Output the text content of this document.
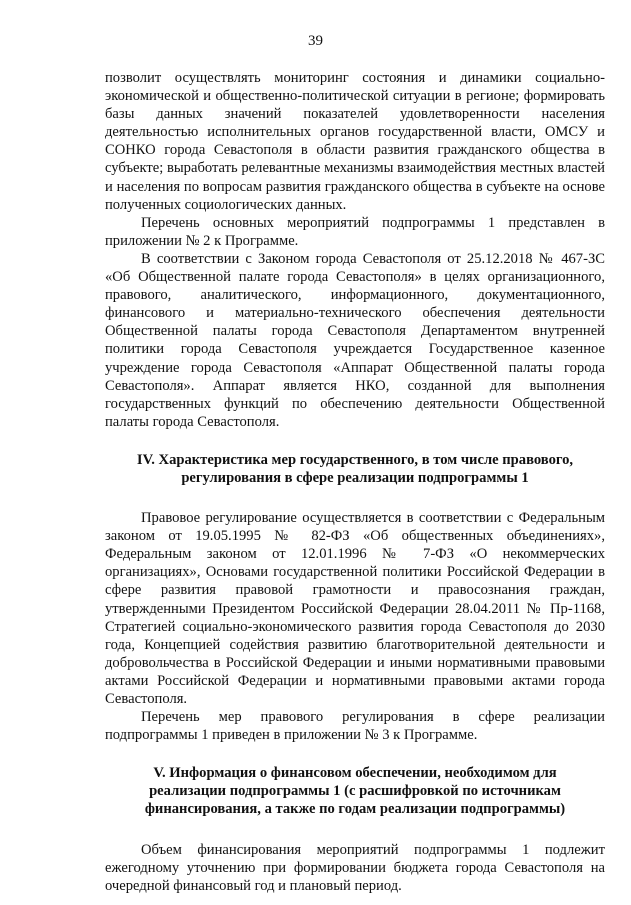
39

позволит осуществлять мониторинг состояния и динамики социально-экономической и общественно-политической ситуации в регионе; формировать базы данных значений показателей удовлетворенности населения деятельностью исполнительных органов государственной власти, ОМСУ и СОНКО города Севастополя в области развития гражданского общества в субъекте; выработать релевантные механизмы взаимодействия местных властей и населения по вопросам развития гражданского общества в субъекте на основе полученных социологических данных.

Перечень основных мероприятий подпрограммы 1 представлен в приложении № 2 к Программе.

В соответствии с Законом города Севастополя от 25.12.2018 № 467-ЗС «Об Общественной палате города Севастополя» в целях организационного, правового, аналитического, информационного, документационного, финансового и материально-технического обеспечения деятельности Общественной палаты города Севастополя Департаментом внутренней политики города Севастополя учреждается Государственное казенное учреждение города Севастополя «Аппарат Общественной палаты города Севастополя». Аппарат является НКО, созданной для выполнения государственных функций по обеспечению деятельности Общественной палаты города Севастополя.

IV. Характеристика мер государственного, в том числе правового,
регулирования в сфере реализации подпрограммы 1

Правовое регулирование осуществляется в соответствии с Федеральным законом от 19.05.1995 № 82-ФЗ «Об общественных объединениях», Федеральным законом от 12.01.1996 № 7-ФЗ «О некоммерческих организациях», Основами государственной политики Российской Федерации в сфере развития правовой грамотности и правосознания граждан, утвержденными Президентом Российской Федерации 28.04.2011 № Пр-1168, Стратегией социально-экономического развития города Севастополя до 2030 года, Концепцией содействия развитию благотворительной деятельности и добровольчества в Российской Федерации и иными нормативными правовыми актами Российской Федерации и нормативными правовыми актами города Севастополя.

Перечень мер правового регулирования в сфере реализации подпрограммы 1 приведен в приложении № 3 к Программе.

V. Информация о финансовом обеспечении, необходимом для
реализации подпрограммы 1 (с расшифровкой по источникам
финансирования, а также по годам реализации подпрограммы)

Объем финансирования мероприятий подпрограммы 1 подлежит ежегодному уточнению при формировании бюджета города Севастополя на очередной финансовый год и плановый период.
